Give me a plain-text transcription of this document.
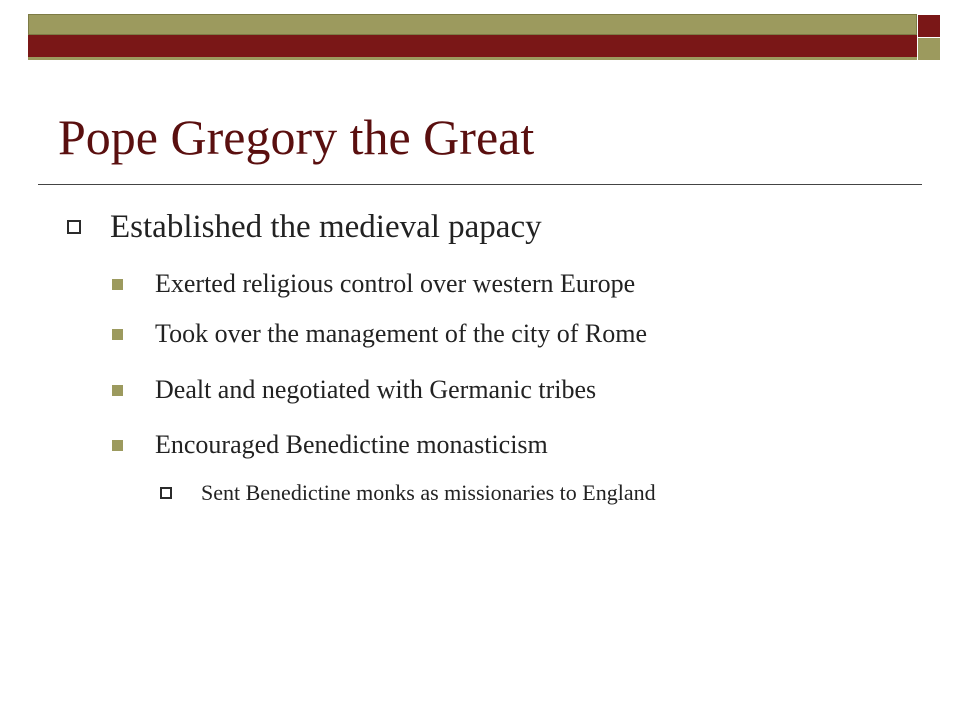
Pope Gregory the Great
Established the medieval papacy
Exerted religious control over western Europe
Took over the management of the city of Rome
Dealt and negotiated with Germanic tribes
Encouraged Benedictine monasticism
Sent Benedictine monks as missionaries to England
